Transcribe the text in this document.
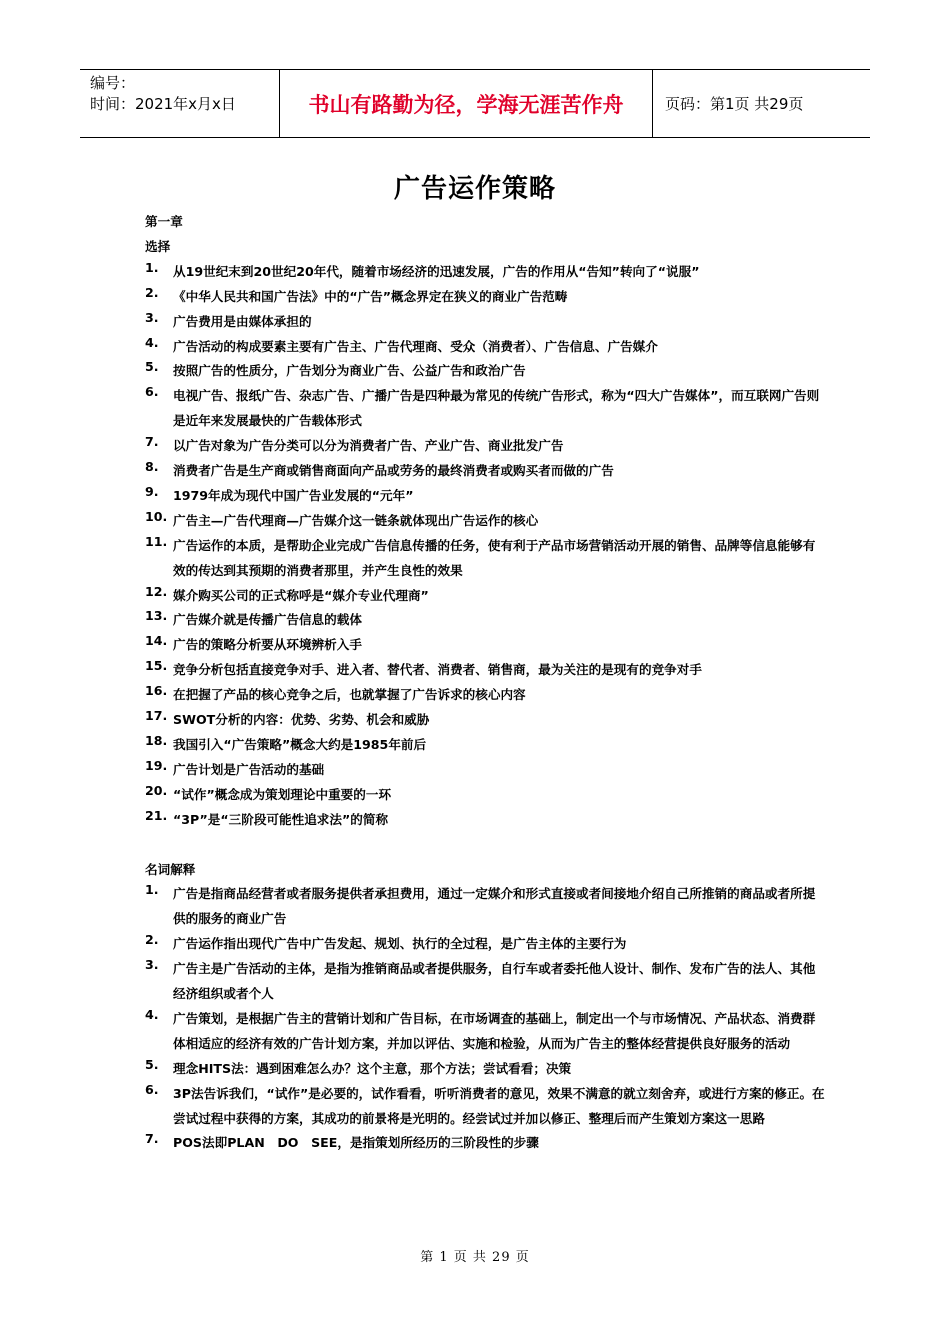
编号：
时间：2021年x月x日	书山有路勤为径，学海无涯苦作舟	页码：第1页 共29页
广告运作策略
第一章
选择
1.	从19世纪末到20世纪20年代，随着市场经济的迅速发展，广告的作用从“告知”转向了“说服”
2.	《中华人民共和国广告法》中的“广告”概念界定在狭义的商业广告范畴
3.	广告费用是由媒体承担的
4.	广告活动的构成要素主要有广告主、广告代理商、受众（消费者）、广告信息、广告媒介
5.	按照广告的性质分，广告划分为商业广告、公益广告和政治广告
6.	电视广告、报纸广告、杂志广告、广播广告是四种最为常见的传统广告形式，称为“四大广告媒体”，而互联网广告则是近年来发展最快的广告载体形式
7.	以广告对象为广告分类可以分为消费者广告、产业广告、商业批发广告
8.	消费者广告是生产商或销售商面向产品或劳务的最终消费者或购买者而做的广告
9.	1979年成为现代中国广告业发展的“元年”
10. 广告主—广告代理商—广告媒介这一链条就体现出广告运作的核心
11. 广告运作的本质，是帮助企业完成广告信息传播的任务，使有利于产品市场营销活动开展的销售、品牌等信息能够有效的传达到其预期的消费者那里，并产生良性的效果
12. 媒介购买公司的正式称呼是“媒介专业代理商”
13. 广告媒介就是传播广告信息的载体
14. 广告的策略分析要从环境辨析入手
15. 竞争分析包括直接竞争对手、进入者、替代者、消费者、销售商，最为关注的是现有的竞争对手
16. 在把握了产品的核心竞争之后，也就掌握了广告诉求的核心内容
17. SWOT分析的内容：优势、劣势、机会和威胁
18. 我国引入“广告策略”概念大约是1985年前后
19. 广告计划是广告活动的基础
20. “试作”概念成为策划理论中重要的一环
21. “3P”是“三阶段可能性追求法”的简称
名词解释
1.	广告是指商品经营者或者服务提供者承担费用，通过一定媒介和形式直接或者间接地介绍自己所推销的商品或者所提供的服务的商业广告
2.	广告运作指出现代广告中广告发起、规划、执行的全过程，是广告主体的主要行为
3.	广告主是广告活动的主体，是指为推销商品或者提供服务，自行车或者委托他人设计、制作、发布广告的法人、其他经济组织或者个人
4.	广告策划，是根据广告主的营销计划和广告目标，在市场调查的基础上，制定出一个与市场情况、产品状态、消费群体相适应的经济有效的广告计划方案，并加以评估、实施和检验，从而为广告主的整体经营提供良好服务的活动
5.	理念HITS法：遇到困难怎么办？这个主意，那个方法；尝试看看；决策
6.	3P法告诉我们，“试作”是必要的，试作看看，听听消费者的意见，效果不满意的就立刻舍弃，或进行方案的修正。在尝试过程中获得的方案，其成功的前景将是光明的。经尝试过并加以修正、整理后而产生策划方案这一思路
7.	POS法即PLAN　DO　SEE，是指策划所经历的三阶段性的步骤
第 1 页 共 29 页
